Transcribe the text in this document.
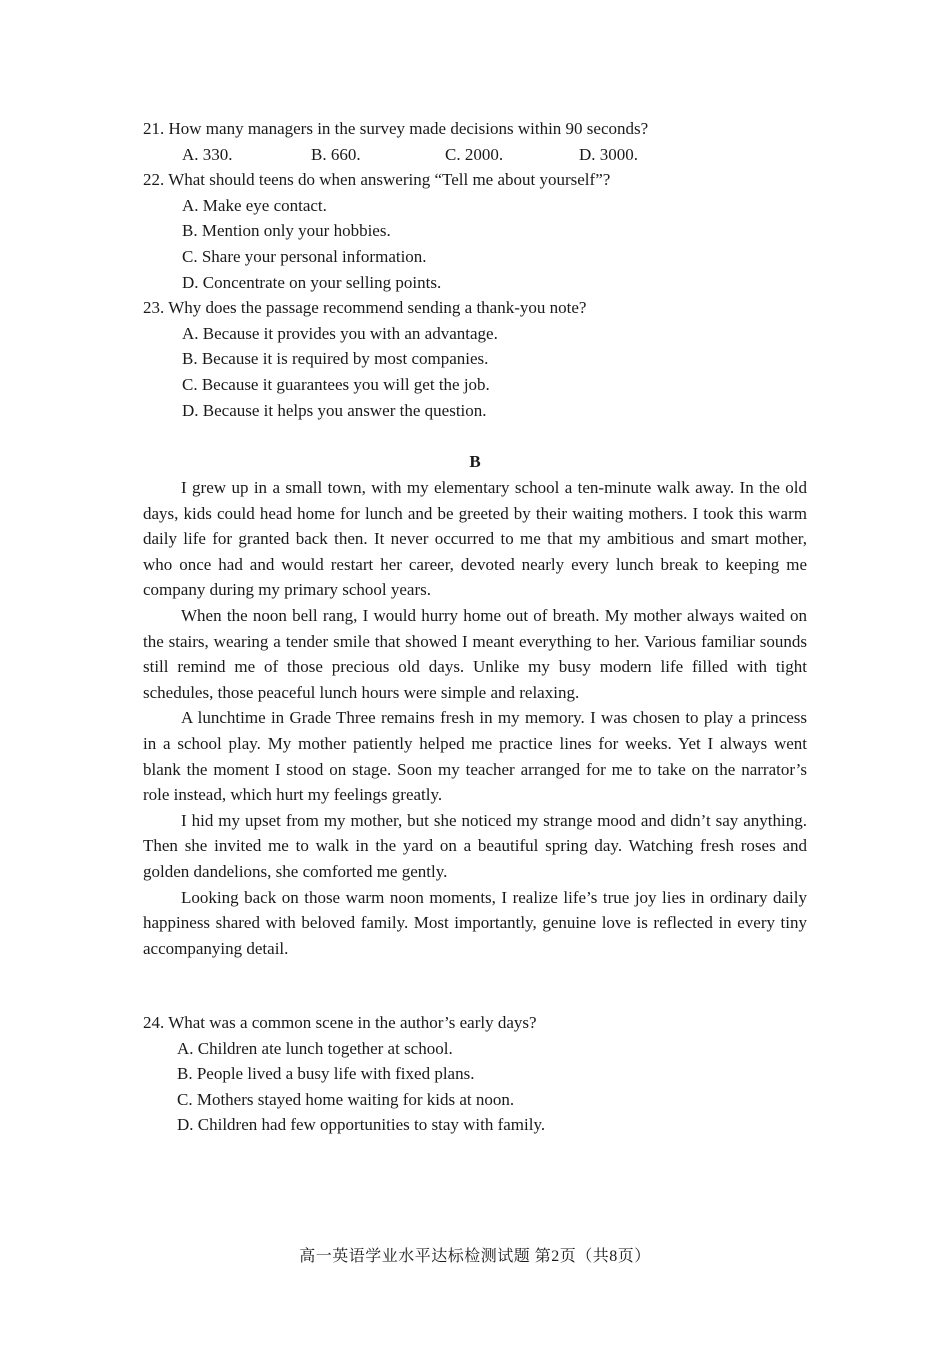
21. How many managers in the survey made decisions within 90 seconds?

A. 330.	B. 660.	C. 2000.	D. 3000.

22. What should teens do when answering “Tell me about yourself”?

A. Make eye contact.

B. Mention only your hobbies.

C. Share your personal information.

D. Concentrate on your selling points.

23. Why does the passage recommend sending a thank-you note?

A. Because it provides you with an advantage.

B. Because it is required by most companies.

C. Because it guarantees you will get the job.

D. Because it helps you answer the question.

B

I grew up in a small town, with my elementary school a ten-minute walk away. In the old days, kids could head home for lunch and be greeted by their waiting mothers. I took this warm daily life for granted back then. It never occurred to me that my ambitious and smart mother, who once had and would restart her career, devoted nearly every lunch break to keeping me company during my primary school years.

When the noon bell rang, I would hurry home out of breath. My mother always waited on the stairs, wearing a tender smile that showed I meant everything to her. Various familiar sounds still remind me of those precious old days. Unlike my busy modern life filled with tight schedules, those peaceful lunch hours were simple and relaxing.

A lunchtime in Grade Three remains fresh in my memory. I was chosen to play a princess in a school play. My mother patiently helped me practice lines for weeks. Yet I always went blank the moment I stood on stage. Soon my teacher arranged for me to take on the narrator’s role instead, which hurt my feelings greatly.

I hid my upset from my mother, but she noticed my strange mood and didn’t say anything. Then she invited me to walk in the yard on a beautiful spring day. Watching fresh roses and golden dandelions, she comforted me gently.

Looking back on those warm noon moments, I realize life’s true joy lies in ordinary daily happiness shared with beloved family. Most importantly, genuine love is reflected in every tiny accompanying detail.

24. What was a common scene in the author’s early days?

A. Children ate lunch together at school.

B. People lived a busy life with fixed plans.

C. Mothers stayed home waiting for kids at noon.

D. Children had few opportunities to stay with family.

高一英语学业水平达标检测试题 第2页（共8页）
